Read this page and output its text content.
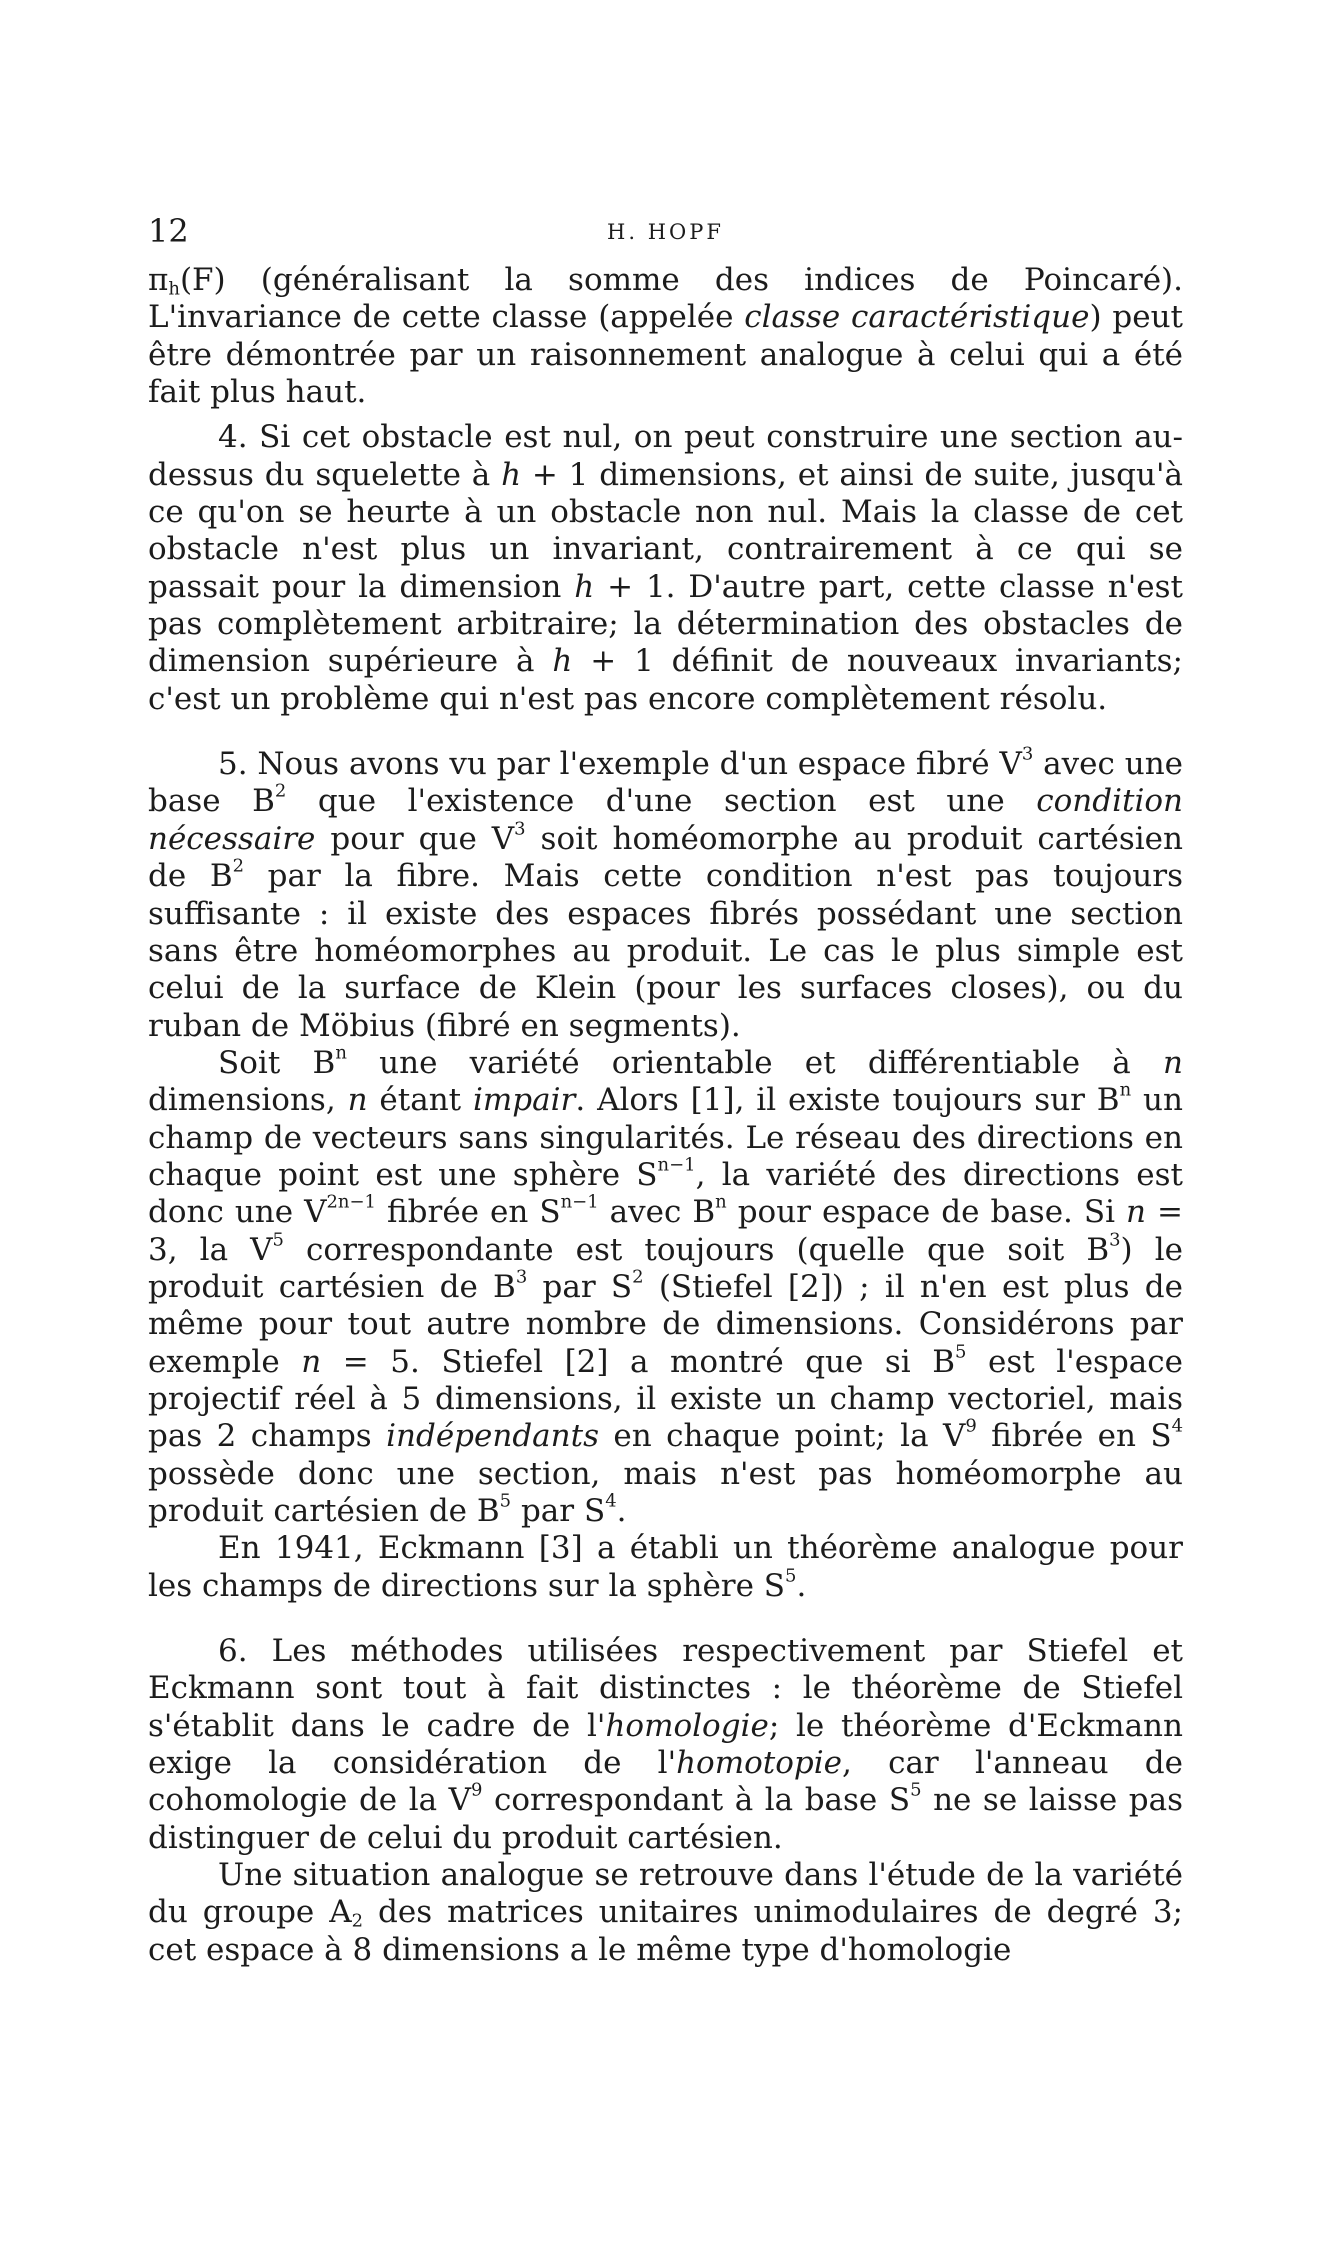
12	H. HOPF

$\pi_h(F)$ (généralisant la somme des indices de Poincaré). L'invariance de cette classe (appelée classe caractéristique) peut être démontrée par un raisonnement analogue à celui qui a été fait plus haut.

4. Si cet obstacle est nul, on peut construire une section au-dessus du squelette à h + 1 dimensions, et ainsi de suite, jusqu'à ce qu'on se heurte à un obstacle non nul. Mais la classe de cet obstacle n'est plus un invariant, contrairement à ce qui se passait pour la dimension h + 1. D'autre part, cette classe n'est pas complètement arbitraire; la détermination des obstacles de dimension supérieure à h + 1 définit de nouveaux invariants; c'est un problème qui n'est pas encore complètement résolu.

5. Nous avons vu par l'exemple d'un espace fibré $V^3$ avec une base $B^2$ que l'existence d'une section est une condition nécessaire pour que $V^3$ soit homéomorphe au produit cartésien de $B^2$ par la fibre. Mais cette condition n'est pas toujours suffisante : il existe des espaces fibrés possédant une section sans être homéomorphes au produit. Le cas le plus simple est celui de la surface de Klein (pour les surfaces closes), ou du ruban de Möbius (fibré en segments).

Soit $B^n$ une variété orientable et différentiable à n dimensions, n étant impair. Alors [1], il existe toujours sur $B^n$ un champ de vecteurs sans singularités. Le réseau des directions en chaque point est une sphère $S^{n-1}$, la variété des directions est donc une $V^{2n-1}$ fibrée en $S^{n-1}$ avec $B^n$ pour espace de base. Si n = 3, la $V^5$ correspondante est toujours (quelle que soit $B^3$) le produit cartésien de $B^3$ par $S^2$ (Stiefel [2]) ; il n'en est plus de même pour tout autre nombre de dimensions. Considérons par exemple n = 5. Stiefel [2] a montré que si $B^5$ est l'espace projectif réel à 5 dimensions, il existe un champ vectoriel, mais pas 2 champs indépendants en chaque point; la $V^9$ fibrée en $S^4$ possède donc une section, mais n'est pas homéomorphe au produit cartésien de $B^5$ par $S^4$.

En 1941, Eckmann [3] a établi un théorème analogue pour les champs de directions sur la sphère $S^5$.

6. Les méthodes utilisées respectivement par Stiefel et Eckmann sont tout à fait distinctes : le théorème de Stiefel s'établit dans le cadre de l'homologie; le théorème d'Eckmann exige la considération de l'homotopie, car l'anneau de cohomologie de la $V^9$ correspondant à la base $S^5$ ne se laisse pas distinguer de celui du produit cartésien.

Une situation analogue se retrouve dans l'étude de la variété du groupe $A_2$ des matrices unitaires unimodulaires de degré 3; cet espace à 8 dimensions a le même type d'homologie
